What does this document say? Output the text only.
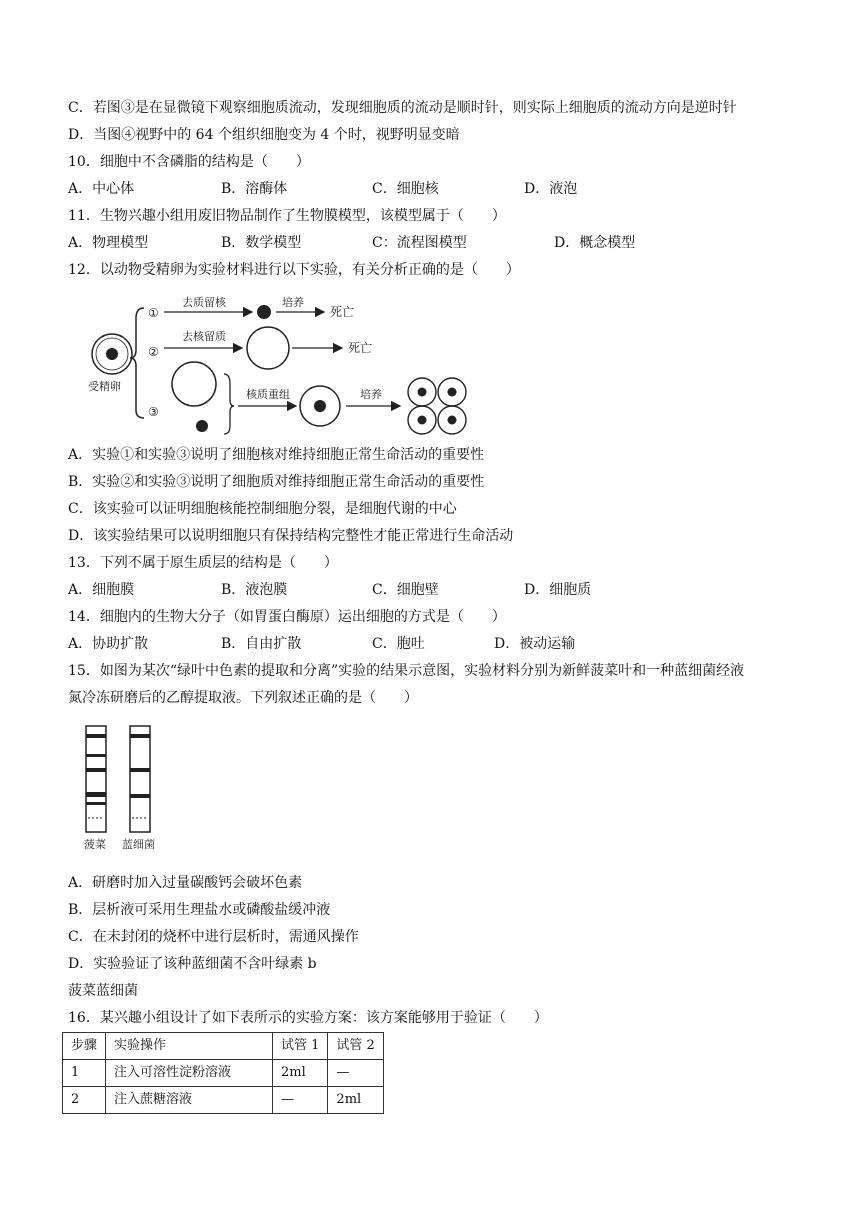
C．若图③是在显微镜下观察细胞质流动，发现细胞质的流动是顺时针，则实际上细胞质的流动方向是逆时针
D．当图④视野中的 64 个组织细胞变为 4 个时，视野明显变暗
10．细胞中不含磷脂的结构是（　　）
A．中心体	B．溶酶体	C．细胞核	D．液泡
11．生物兴趣小组用废旧物品制作了生物膜模型，该模型属于（　　）
A．物理模型	B．数学模型	C：流程图模型	D．概念模型
12．以动物受精卵为实验材料进行以下实验，有关分析正确的是（　　）
受精卵
①
去质留核	培养
死亡
②
去核留质
死亡
③
核质重组	培养
A．实验①和实验③说明了细胞核对维持细胞正常生命活动的重要性
B．实验②和实验③说明了细胞质对维持细胞正常生命活动的重要性
C．该实验可以证明细胞核能控制细胞分裂，是细胞代谢的中心
D．该实验结果可以说明细胞只有保持结构完整性才能正常进行生命活动
13．下列不属于原生质层的结构是（　　）
A．细胞膜	B．液泡膜	C．细胞壁	D．细胞质
14．细胞内的生物大分子（如胃蛋白酶原）运出细胞的方式是（　　）
A．协助扩散	B．自由扩散	C．胞吐	D．被动运输
15．如图为某次“绿叶中色素的提取和分离”实验的结果示意图，实验材料分别为新鲜菠菜叶和一种蓝细菌经液
氮冷冻研磨后的乙醇提取液。下列叙述正确的是（　　）
菠菜 蓝细菌
A．研磨时加入过量碳酸钙会破坏色素
B．层析液可采用生理盐水或磷酸盐缓冲液
C．在未封闭的烧杯中进行层析时，需通风操作
D．实验验证了该种蓝细菌不含叶绿素 b
菠菜蓝细菌
16．某兴趣小组设计了如下表所示的实验方案：该方案能够用于验证（　　）
步骤	实验操作	试管 1	试管 2
1	注入可溶性淀粉溶液	2ml	—
2	注入蔗糖溶液	—	2ml
